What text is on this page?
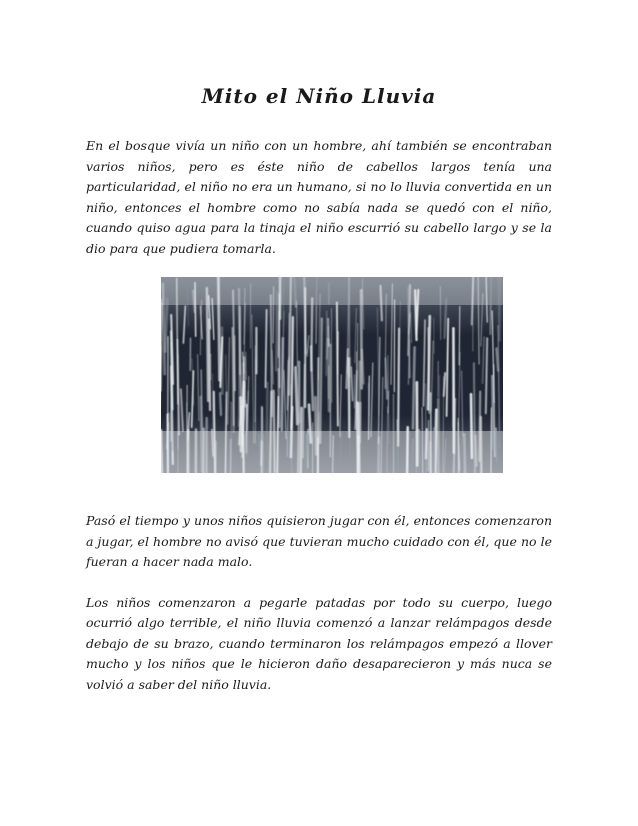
Mito el Niño Lluvia

En el bosque vivía un niño con un hombre, ahí también se encontraban varios niños, pero es éste niño de cabellos largos tenía una particularidad, el niño no era un humano, si no lo lluvia convertida en un niño, entonces el hombre como no sabía nada se quedó con el niño, cuando quiso agua para la tinaja el niño escurrió su cabello largo y se la dio para que pudiera tomarla.

Pasó el tiempo y unos niños quisieron jugar con él, entonces comenzaron a jugar, el hombre no avisó que tuvieran mucho cuidado con él, que no le fueran a hacer nada malo.

Los niños comenzaron a pegarle patadas por todo su cuerpo, luego ocurrió algo terrible, el niño lluvia comenzó a lanzar relámpagos desde debajo de su brazo, cuando terminaron los relámpagos empezó a llover mucho y los niños que le hicieron daño desaparecieron y más nuca se volvió a saber del niño lluvia.
